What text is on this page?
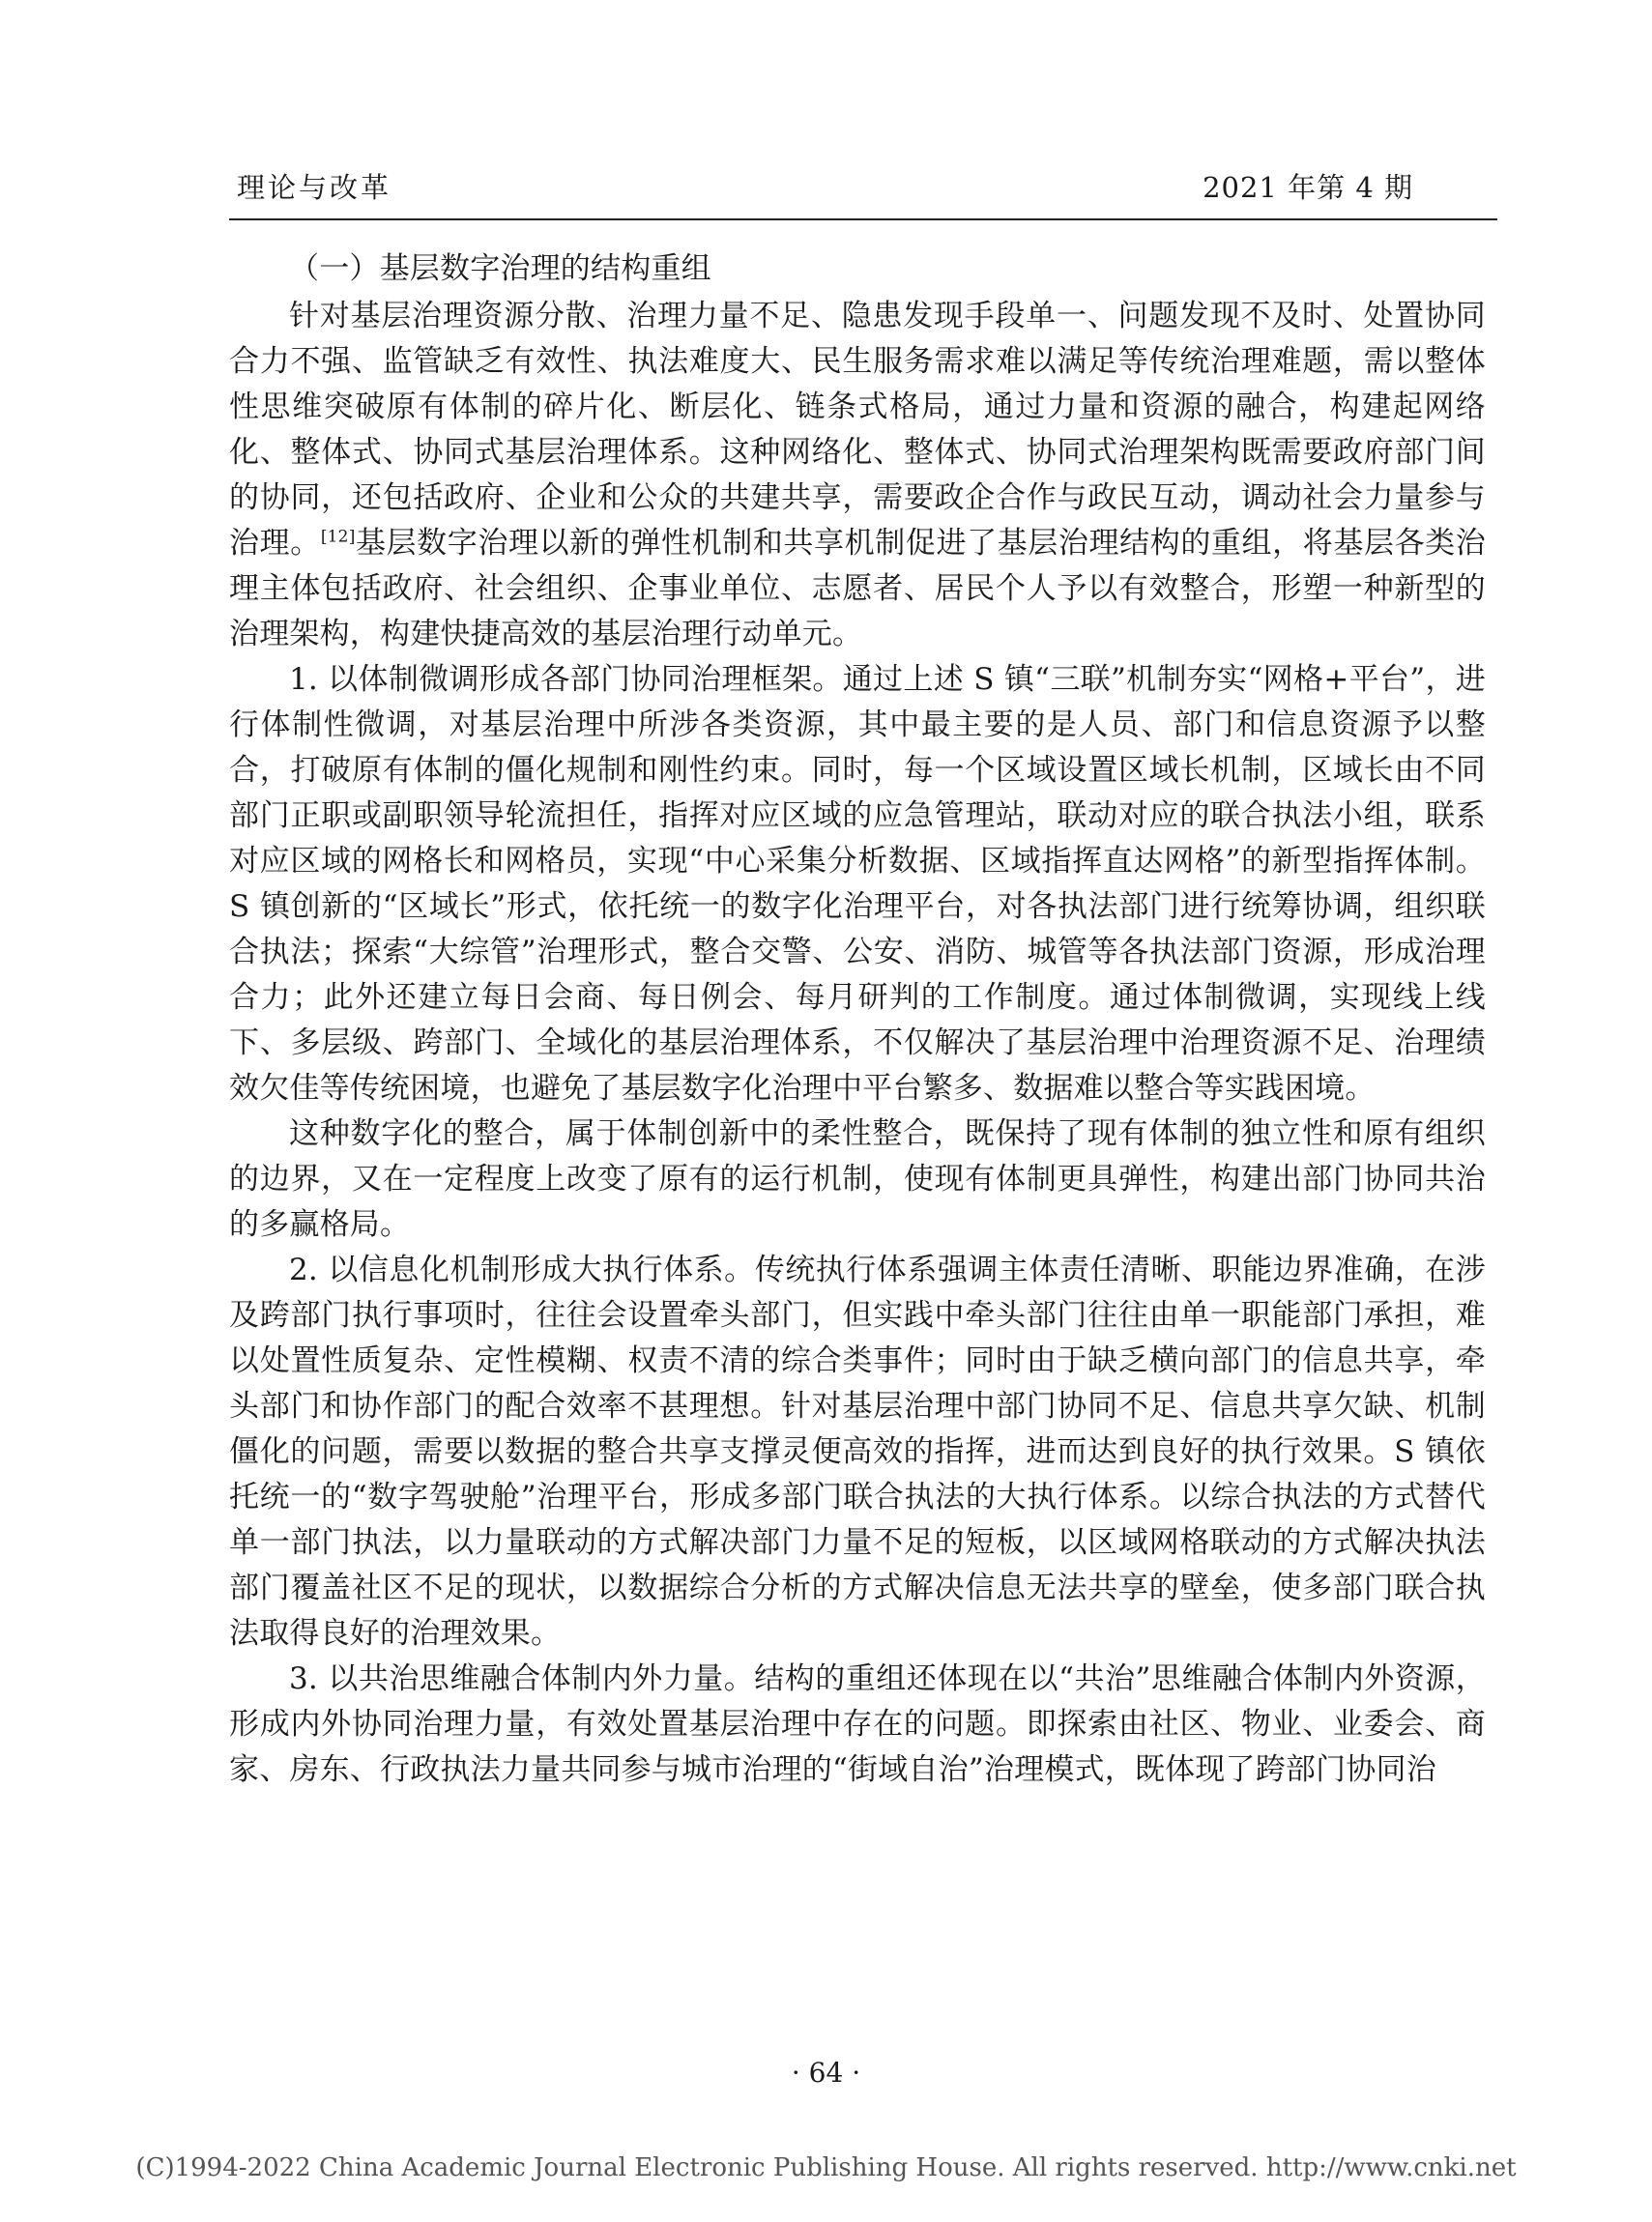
理论与改革	2021 年第 4 期
（一）基层数字治理的结构重组

针对基层治理资源分散、治理力量不足、隐患发现手段单一、问题发现不及时、处置协同合力不强、监管缺乏有效性、执法难度大、民生服务需求难以满足等传统治理难题，需以整体性思维突破原有体制的碎片化、断层化、链条式格局，通过力量和资源的融合，构建起网络化、整体式、协同式基层治理体系。这种网络化、整体式、协同式治理架构既需要政府部门间的协同，还包括政府、企业和公众的共建共享，需要政企合作与政民互动，调动社会力量参与治理。[12]基层数字治理以新的弹性机制和共享机制促进了基层治理结构的重组，将基层各类治理主体包括政府、社会组织、企事业单位、志愿者、居民个人予以有效整合，形塑一种新型的治理架构，构建快捷高效的基层治理行动单元。

1. 以体制微调形成各部门协同治理框架。通过上述 S 镇“三联”机制夯实“网格+平台”，进行体制性微调，对基层治理中所涉各类资源，其中最主要的是人员、部门和信息资源予以整合，打破原有体制的僵化规制和刚性约束。同时，每一个区域设置区域长机制，区域长由不同部门正职或副职领导轮流担任，指挥对应区域的应急管理站，联动对应的联合执法小组，联系对应区域的网格长和网格员，实现“中心采集分析数据、区域指挥直达网格”的新型指挥体制。S 镇创新的“区域长”形式，依托统一的数字化治理平台，对各执法部门进行统筹协调，组织联合执法；探索“大综管”治理形式，整合交警、公安、消防、城管等各执法部门资源，形成治理合力；此外还建立每日会商、每日例会、每月研判的工作制度。通过体制微调，实现线上线下、多层级、跨部门、全域化的基层治理体系，不仅解决了基层治理中治理资源不足、治理绩效欠佳等传统困境，也避免了基层数字化治理中平台繁多、数据难以整合等实践困境。

这种数字化的整合，属于体制创新中的柔性整合，既保持了现有体制的独立性和原有组织的边界，又在一定程度上改变了原有的运行机制，使现有体制更具弹性，构建出部门协同共治的多赢格局。

2. 以信息化机制形成大执行体系。传统执行体系强调主体责任清晰、职能边界准确，在涉及跨部门执行事项时，往往会设置牵头部门，但实践中牵头部门往往由单一职能部门承担，难以处置性质复杂、定性模糊、权责不清的综合类事件；同时由于缺乏横向部门的信息共享，牵头部门和协作部门的配合效率不甚理想。针对基层治理中部门协同不足、信息共享欠缺、机制僵化的问题，需要以数据的整合共享支撑灵便高效的指挥，进而达到良好的执行效果。S 镇依托统一的“数字驾驶舱”治理平台，形成多部门联合执法的大执行体系。以综合执法的方式替代单一部门执法，以力量联动的方式解决部门力量不足的短板，以区域网格联动的方式解决执法部门覆盖社区不足的现状，以数据综合分析的方式解决信息无法共享的壁垒，使多部门联合执法取得良好的治理效果。

3. 以共治思维融合体制内外力量。结构的重组还体现在以“共治”思维融合体制内外资源，形成内外协同治理力量，有效处置基层治理中存在的问题。即探索由社区、物业、业委会、商家、房东、行政执法力量共同参与城市治理的“街域自治”治理模式，既体现了跨部门协同治

· 64 ·
(C)1994-2022 China Academic Journal Electronic Publishing House. All rights reserved. http://www.cnki.net
